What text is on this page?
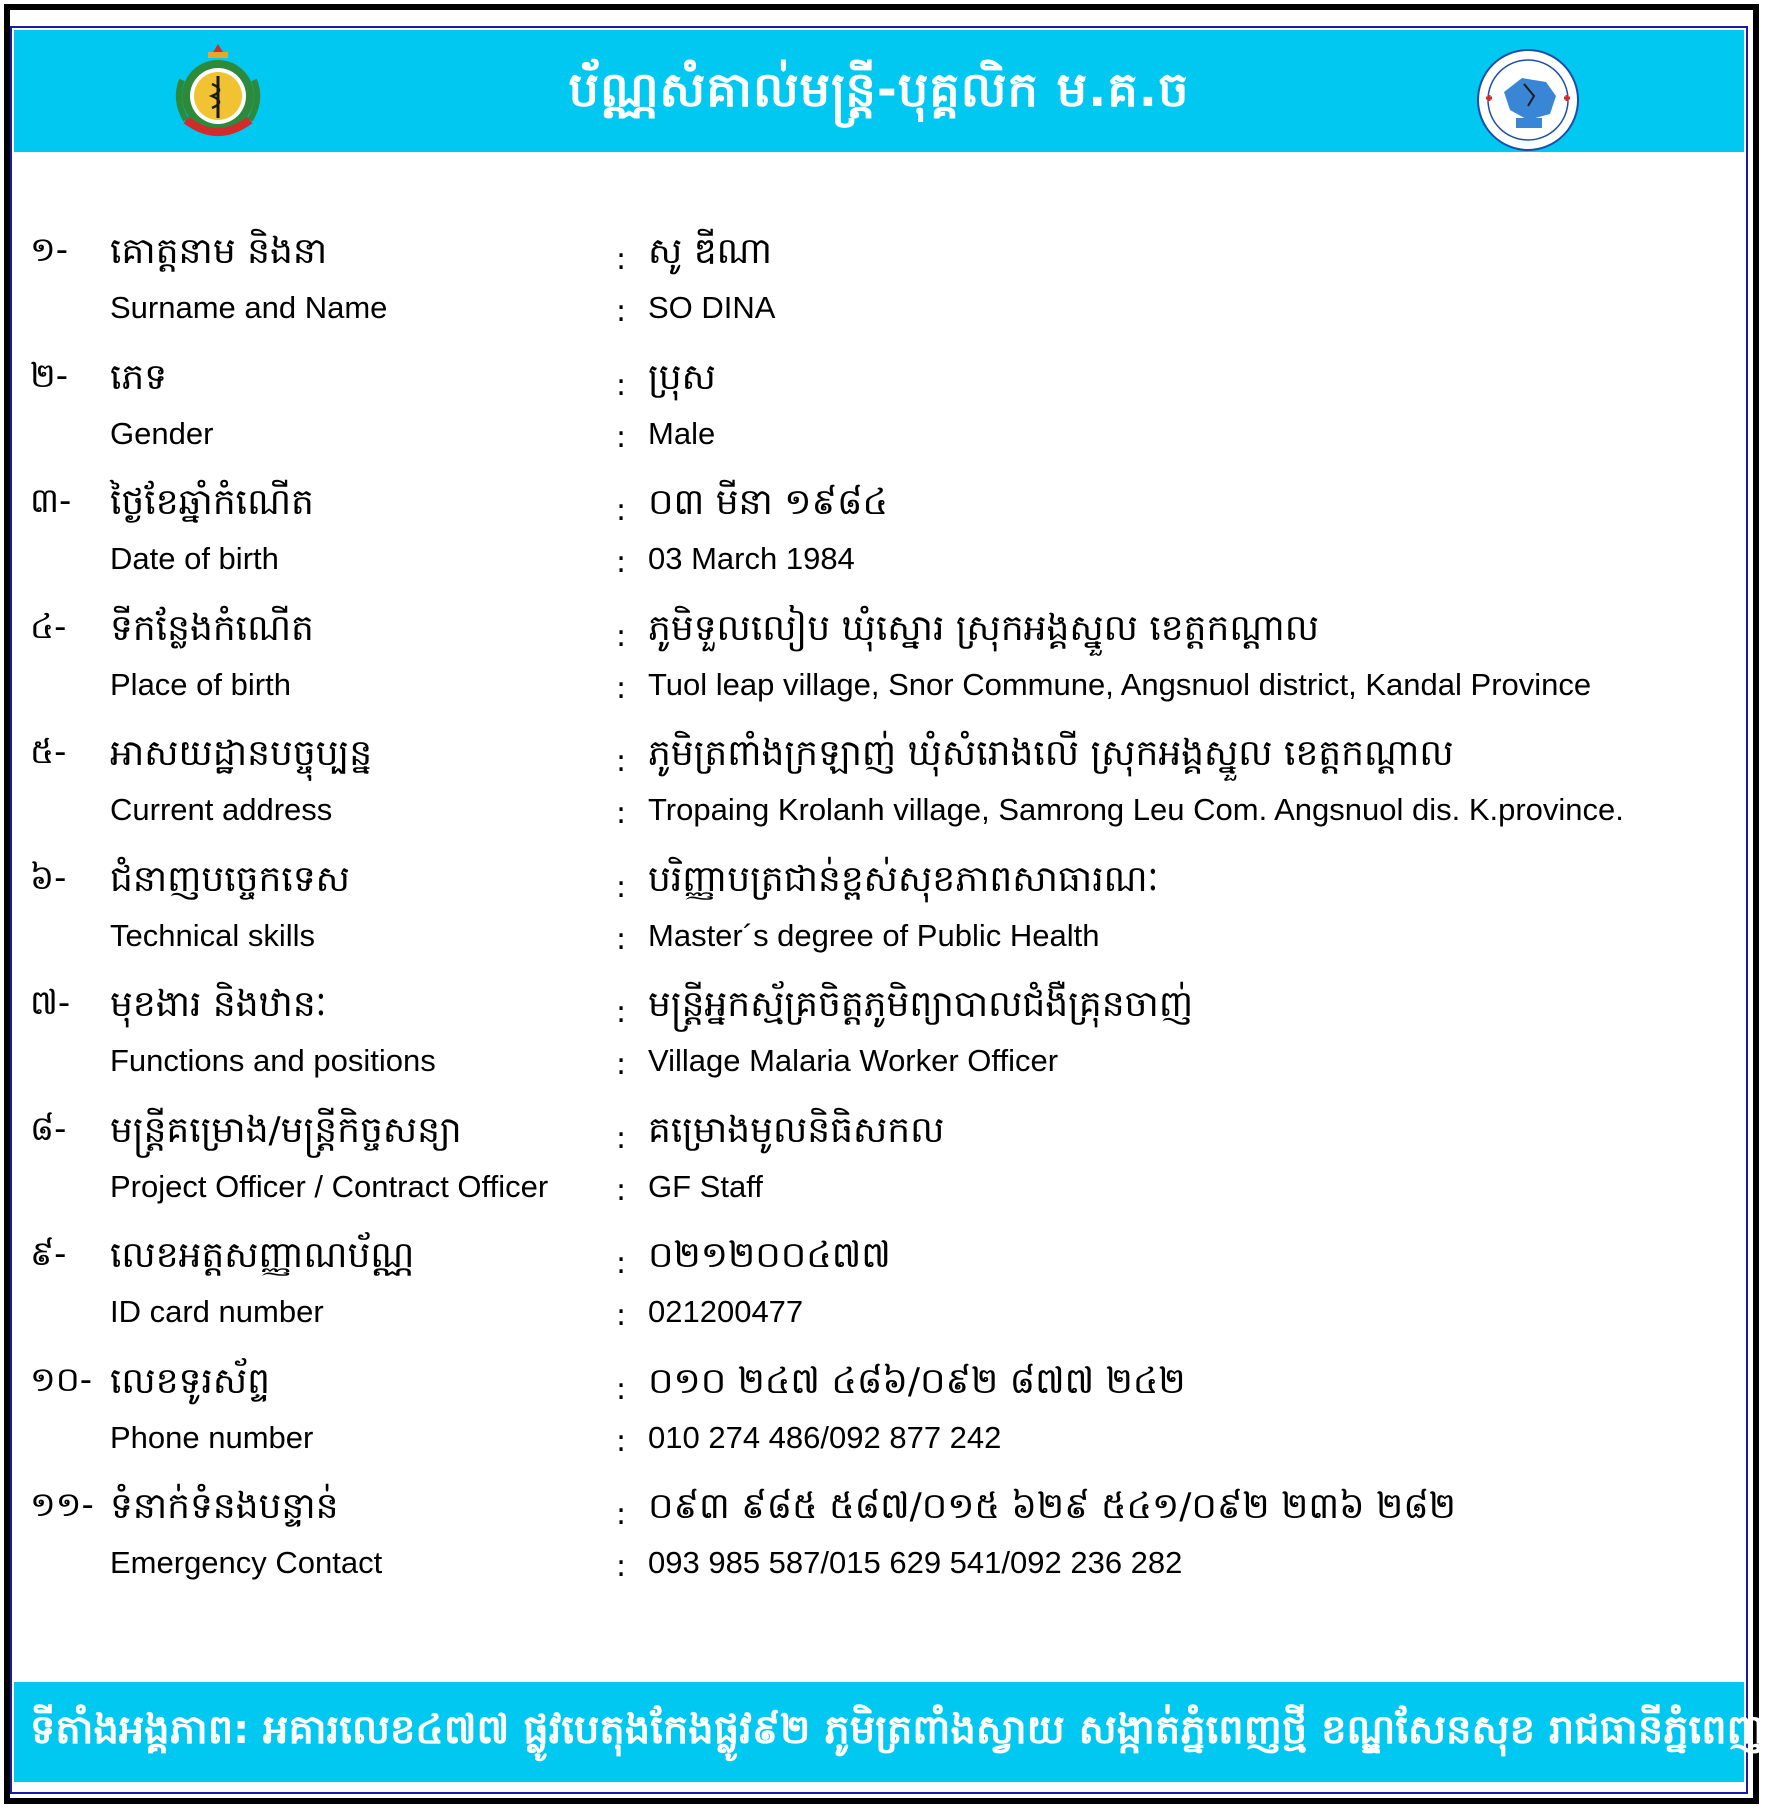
ប័ណ្ណសំគាល់មន្ត្រី-បុគ្គលិក ម.គ.ច
១- គោត្តនាម និងនា	: សូ ឌីណា
Surname and Name	: SO DINA
២- ភេទ	: ប្រុស
Gender	: Male
៣- ថ្ងៃខែឆ្នាំកំណើត	: ០៣ មីនា ១៩៨៤
Date of birth	: 03 March 1984
៤- ទីកន្លែងកំណើត	: ភូមិទួលលៀប ឃុំស្នោរ ស្រុកអង្គស្នួល ខេត្តកណ្តាល
Place of birth	: Tuol leap village, Snor Commune, Angsnuol district, Kandal Province
៥- អាសយដ្ឋានបច្ចុប្បន្ន	: ភូមិត្រពាំងក្រឡាញ់ ឃុំសំរោងលើ ស្រុកអង្គស្នួល ខេត្តកណ្តាល
Current address	: Tropaing Krolanh village, Samrong Leu Com. Angsnuol dis. K.province.
៦- ជំនាញបច្ចេកទេស	: បរិញ្ញាបត្រជាន់ខ្ពស់សុខភាពសាធារណៈ
Technical skills	: Master´s degree of Public Health
៧- មុខងារ និងឋានៈ	: មន្ត្រីអ្នកស្ម័គ្រចិត្តភូមិព្យាបាលជំងឺគ្រុនចាញ់
Functions and positions	: Village Malaria Worker Officer
៨- មន្ត្រីគម្រោង/មន្ត្រីកិច្ចសន្យា	: គម្រោងមូលនិធិសកល
Project Officer / Contract Officer : GF Staff
៩- លេខអត្តសញ្ញាណប័ណ្ណ	: ០២១២០០៤៧៧
ID card number	: 021200477
១០- លេខទូរស័ព្ទ	: ០១០ ២៤៧ ៤៨៦/០៩២ ៨៧៧ ២៤២
Phone number	: 010 274 486/092 877 242
១១- ទំនាក់ទំនងបន្ទាន់	: ០៩៣ ៩៨៥ ៥៨៧/០១៥ ៦២៩ ៥៤១/០៩២ ២៣៦ ២៨២
Emergency Contact	: 093 985 587/015 629 541/092 236 282
ទីតាំងអង្គភាព: អគារលេខ៤៧៧ ផ្លូវបេតុងកែងផ្លូវ៩២ ភូមិត្រពាំងស្វាយ សង្កាត់ភ្នំពេញថ្មី ខណ្ឌសែនសុខ រាជធានីភ្នំពេញ
